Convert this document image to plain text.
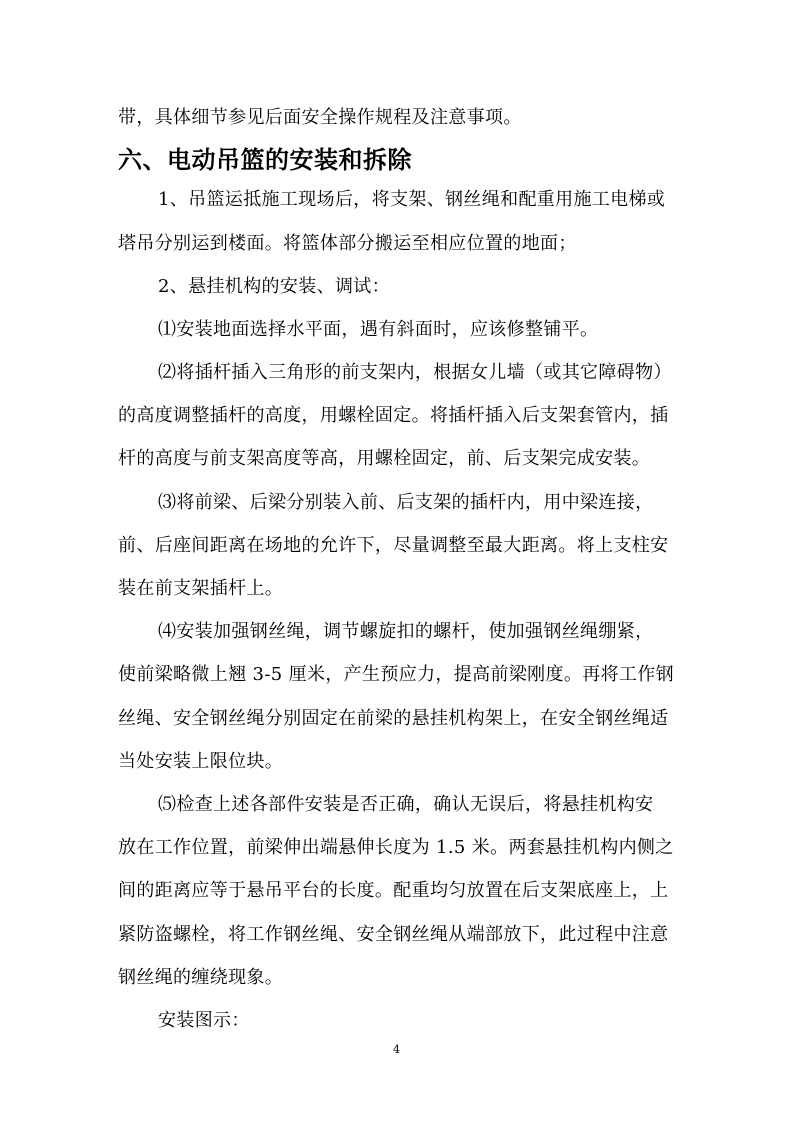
带，具体细节参见后面安全操作规程及注意事项。
六、电动吊篮的安装和拆除
1、吊篮运抵施工现场后，将支架、钢丝绳和配重用施工电梯或
塔吊分别运到楼面。将篮体部分搬运至相应位置的地面；
2、悬挂机构的安装、调试：
⑴安装地面选择水平面，遇有斜面时，应该修整铺平。
⑵将插杆插入三角形的前支架内，根据女儿墙（或其它障碍物）
的高度调整插杆的高度，用螺栓固定。将插杆插入后支架套管内，插
杆的高度与前支架高度等高，用螺栓固定，前、后支架完成安装。
⑶将前梁、后梁分别装入前、后支架的插杆内，用中梁连接，
前、后座间距离在场地的允许下，尽量调整至最大距离。将上支柱安
装在前支架插杆上。
⑷安装加强钢丝绳，调节螺旋扣的螺杆，使加强钢丝绳绷紧，
使前梁略微上翘 3-5 厘米，产生预应力，提高前梁刚度。再将工作钢
丝绳、安全钢丝绳分别固定在前梁的悬挂机构架上，在安全钢丝绳适
当处安装上限位块。
⑸检查上述各部件安装是否正确，确认无误后，将悬挂机构安
放在工作位置，前梁伸出端悬伸长度为 1.5 米。两套悬挂机构内侧之
间的距离应等于悬吊平台的长度。配重均匀放置在后支架底座上，上
紧防盗螺栓，将工作钢丝绳、安全钢丝绳从端部放下，此过程中注意
钢丝绳的缠绕现象。
安装图示：
4
